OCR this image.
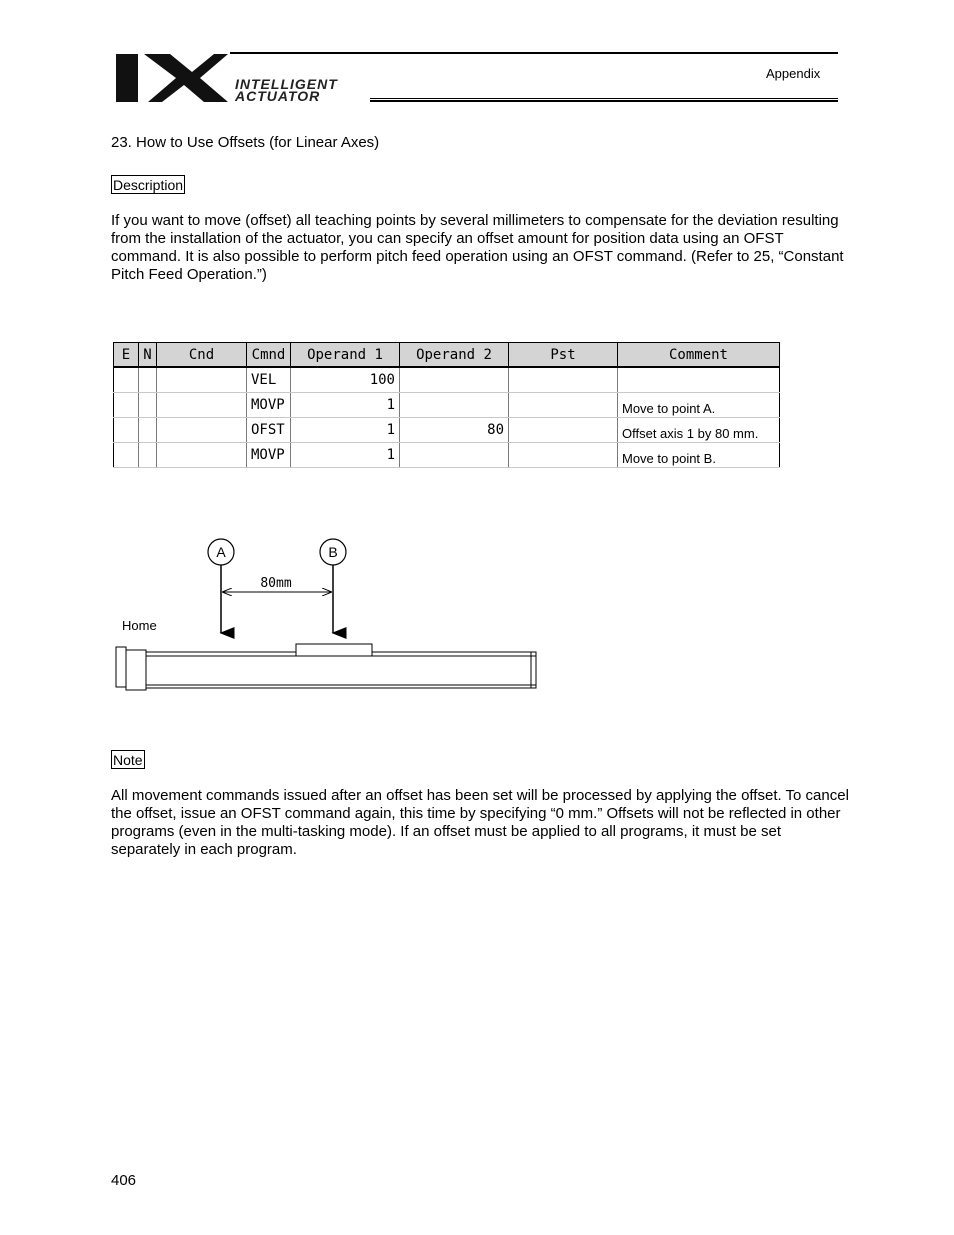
INTELLIGENT
ACTUATOR
Appendix
23. How to Use Offsets (for Linear Axes)
Description
If you want to move (offset) all teaching points by several millimeters to compensate for the deviation resulting from the installation of the actuator, you can specify an offset amount for position data using an OFST command. It is also possible to perform pitch feed operation using an OFST command. (Refer to 25, “Constant Pitch Feed Operation.”)
E	N	Cnd	Cmnd	Operand 1	Operand 2	Pst	Comment
			VEL	100			
			MOVP	1			Move to point A.
			OFST	1	80		Offset axis 1 by 80 mm.
			MOVP	1			Move to point B.
A	B
80mm
Home
Note
All movement commands issued after an offset has been set will be processed by applying the offset. To cancel the offset, issue an OFST command again, this time by specifying “0 mm.” Offsets will not be reflected in other programs (even in the multi-tasking mode). If an offset must be applied to all programs, it must be set separately in each program.
406
